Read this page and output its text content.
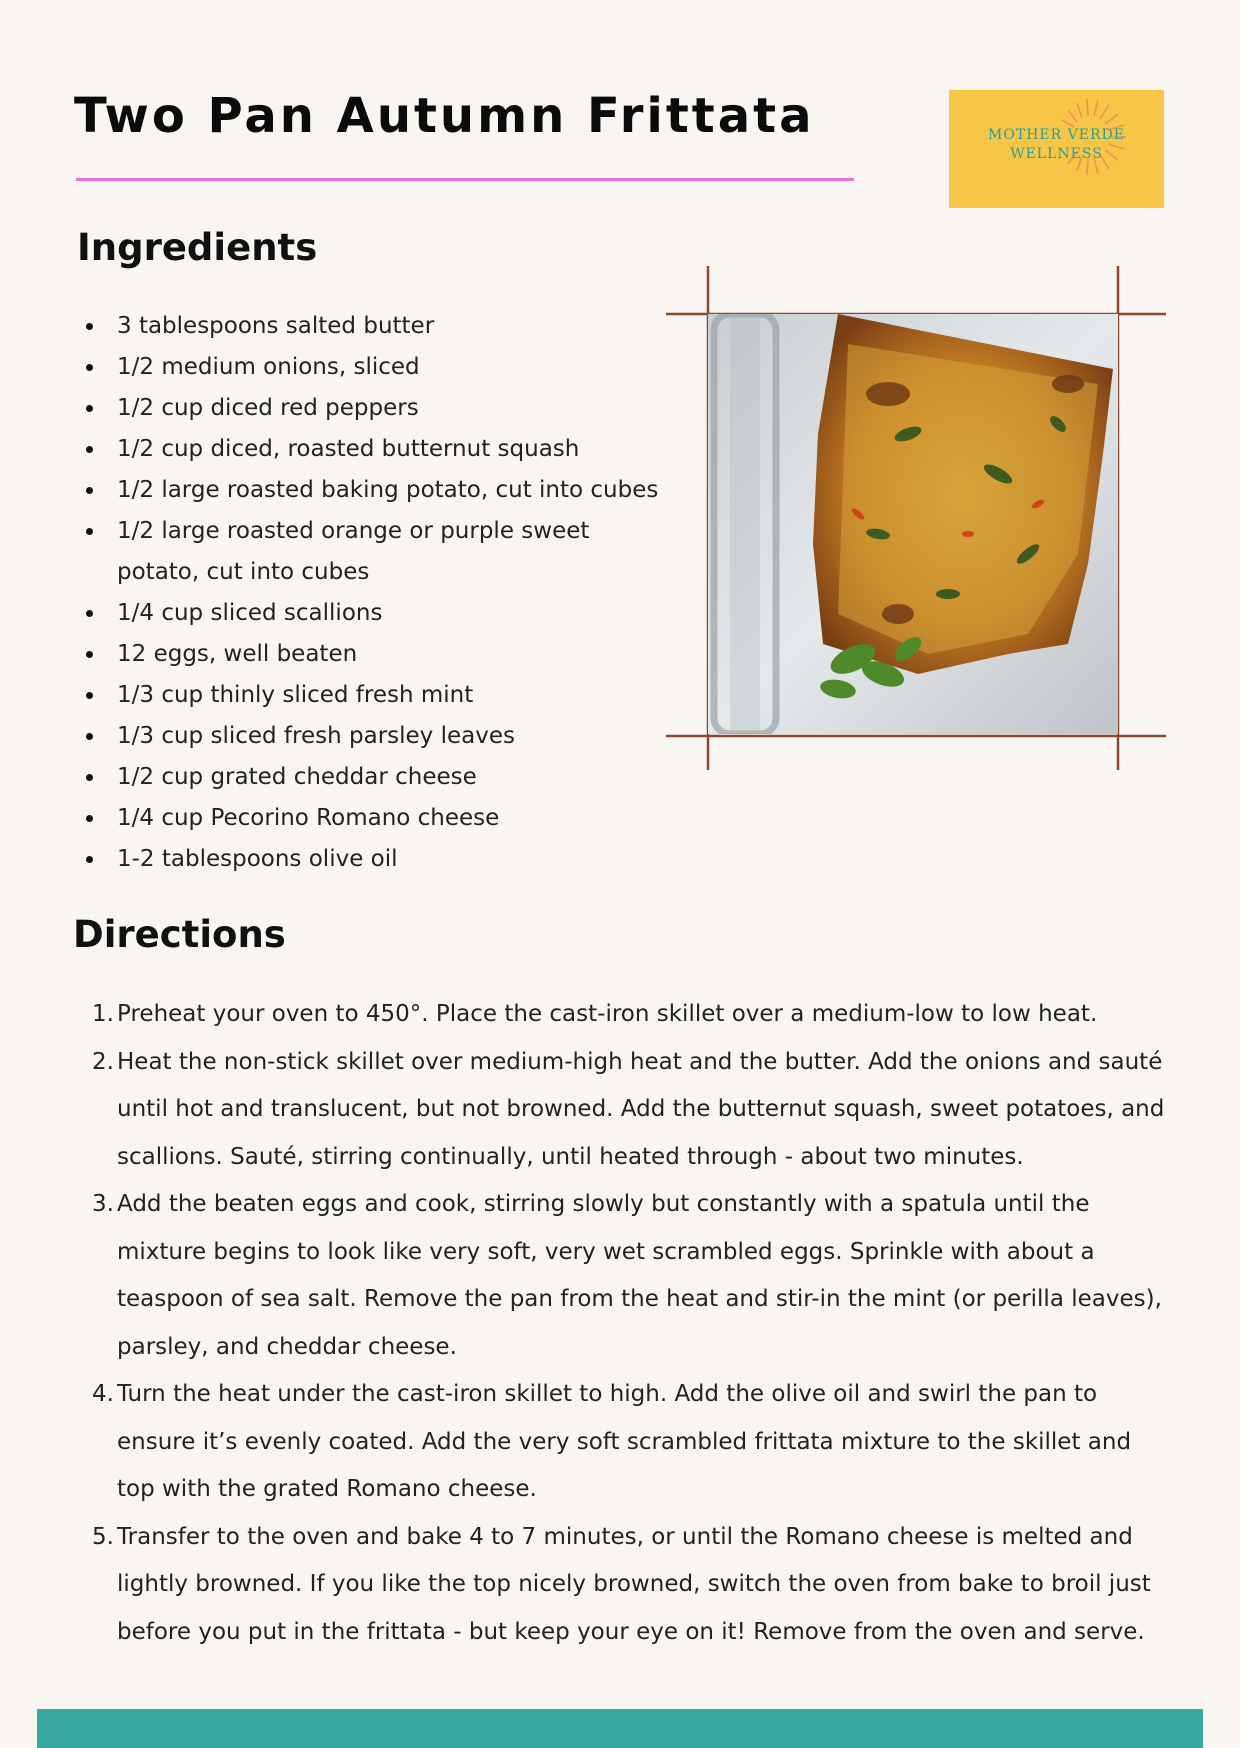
Two Pan Autumn Frittata	MOTHER VERDE
WELLNESS
Ingredients
3 tablespoons salted butter
1/2 medium onions, sliced
1/2 cup diced red peppers
1/2 cup diced, roasted butternut squash
1/2 large roasted baking potato, cut into cubes
1/2 large roasted orange or purple sweet potato, cut into cubes
1/4 cup sliced scallions
12 eggs, well beaten
1/3 cup thinly sliced fresh mint
1/3 cup sliced fresh parsley leaves
1/2 cup grated cheddar cheese
1/4 cup Pecorino Romano cheese
1-2 tablespoons olive oil
Directions
1. Preheat your oven to 450°. Place the cast-iron skillet over a medium-low to low heat.
2. Heat the non-stick skillet over medium-high heat and the butter. Add the onions and sauté until hot and translucent, but not browned. Add the butternut squash, sweet potatoes, and scallions. Sauté, stirring continually, until heated through - about two minutes.
3. Add the beaten eggs and cook, stirring slowly but constantly with a spatula until the mixture begins to look like very soft, very wet scrambled eggs. Sprinkle with about a teaspoon of sea salt. Remove the pan from the heat and stir-in the mint (or perilla leaves), parsley, and cheddar cheese.
4. Turn the heat under the cast-iron skillet to high. Add the olive oil and swirl the pan to ensure it’s evenly coated. Add the very soft scrambled frittata mixture to the skillet and top with the grated Romano cheese.
5. Transfer to the oven and bake 4 to 7 minutes, or until the Romano cheese is melted and lightly browned. If you like the top nicely browned, switch the oven from bake to broil just before you put in the frittata - but keep your eye on it! Remove from the oven and serve.
